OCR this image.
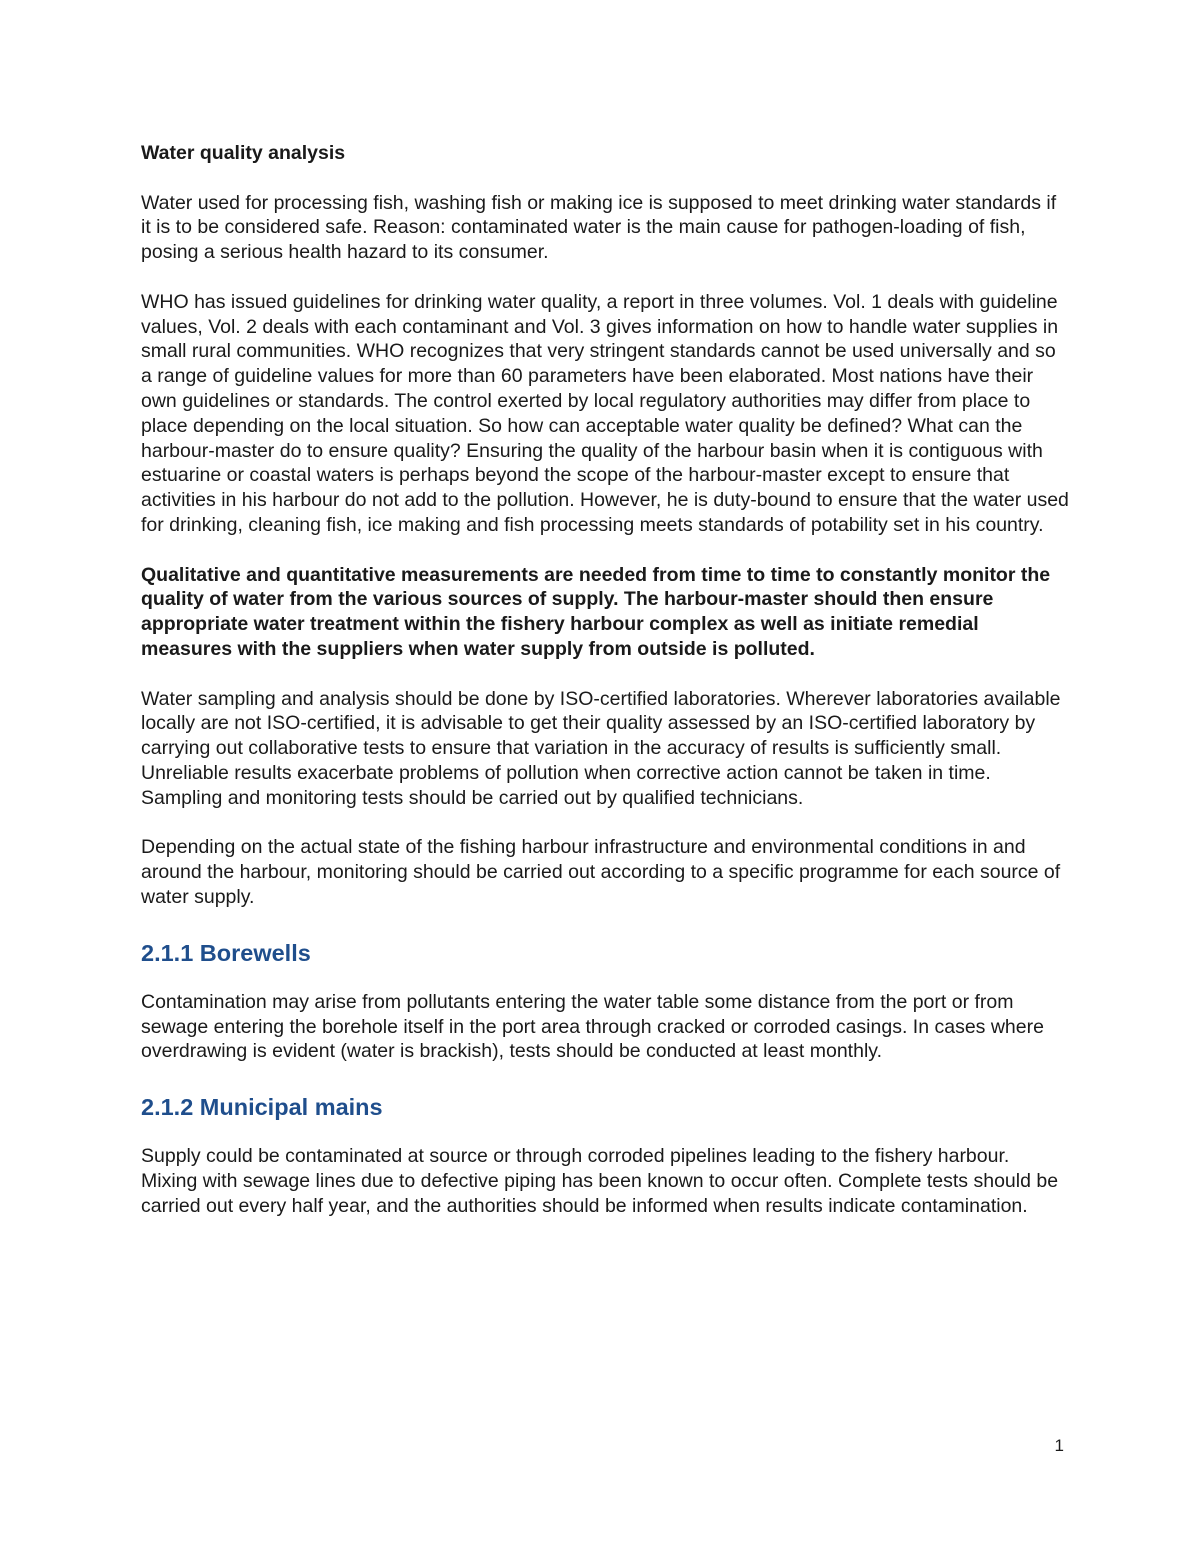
Water quality analysis

Water used for processing fish, washing fish or making ice is supposed to meet drinking water standards if it is to be considered safe. Reason: contaminated water is the main cause for pathogen-loading of fish, posing a serious health hazard to its consumer.

WHO has issued guidelines for drinking water quality, a report in three volumes. Vol. 1 deals with guideline values, Vol. 2 deals with each contaminant and Vol. 3 gives information on how to handle water supplies in small rural communities. WHO recognizes that very stringent standards cannot be used universally and so a range of guideline values for more than 60 parameters have been elaborated. Most nations have their own guidelines or standards. The control exerted by local regulatory authorities may differ from place to place depending on the local situation. So how can acceptable water quality be defined? What can the harbour-master do to ensure quality? Ensuring the quality of the harbour basin when it is contiguous with estuarine or coastal waters is perhaps beyond the scope of the harbour-master except to ensure that activities in his harbour do not add to the pollution. However, he is duty-bound to ensure that the water used for drinking, cleaning fish, ice making and fish processing meets standards of potability set in his country.

Qualitative and quantitative measurements are needed from time to time to constantly monitor the quality of water from the various sources of supply. The harbour-master should then ensure appropriate water treatment within the fishery harbour complex as well as initiate remedial measures with the suppliers when water supply from outside is polluted.

Water sampling and analysis should be done by ISO-certified laboratories. Wherever laboratories available locally are not ISO-certified, it is advisable to get their quality assessed by an ISO-certified laboratory by carrying out collaborative tests to ensure that variation in the accuracy of results is sufficiently small. Unreliable results exacerbate problems of pollution when corrective action cannot be taken in time. Sampling and monitoring tests should be carried out by qualified technicians.

Depending on the actual state of the fishing harbour infrastructure and environmental conditions in and around the harbour, monitoring should be carried out according to a specific programme for each source of water supply.

2.1.1 Borewells

Contamination may arise from pollutants entering the water table some distance from the port or from sewage entering the borehole itself in the port area through cracked or corroded casings. In cases where overdrawing is evident (water is brackish), tests should be conducted at least monthly.

2.1.2 Municipal mains

Supply could be contaminated at source or through corroded pipelines leading to the fishery harbour. Mixing with sewage lines due to defective piping has been known to occur often. Complete tests should be carried out every half year, and the authorities should be informed when results indicate contamination.

1
